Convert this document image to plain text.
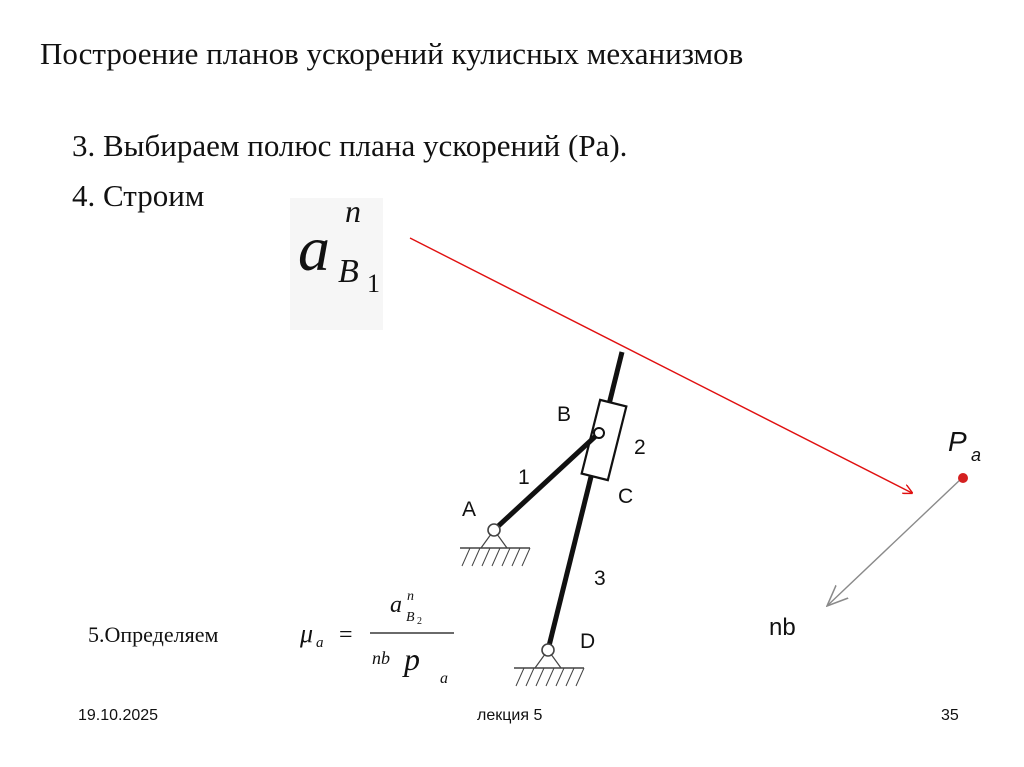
Построение планов ускорений кулисных механизмов
3. Выбираем полюс плана ускорений (Pa).
4. Строим
a
n
B 1
B
2
1
C
A
3
D
P a
nb
5.Определяем	μ a =
a n
B 2
nb p
a
19.10.2025	лекция 5	35
